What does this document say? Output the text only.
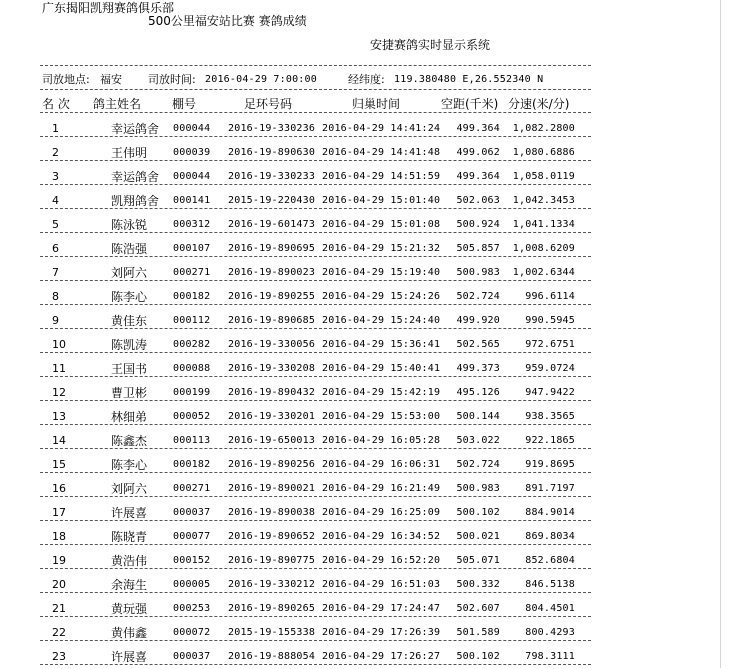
广东揭阳凯翔赛鸽俱乐部
500公里福安站比赛 赛鸽成绩
安捷赛鸽实时显示系统
司放地点: 福安 司放时间: 2016-04-29 7:00:00	经纬度: 119.380480 E,26.552340 N
名 次 鸽主姓名	棚号	足环号码	归巢时间	空距(千米) 分速(米/分)
1	幸运鸽舍 000044 2016-19-330236 2016-04-29 14:41:24	499.364	1,082.2800
2	王伟明	000039 2016-19-890630 2016-04-29 14:41:48	499.062	1,080.6886
3	幸运鸽舍 000044 2016-19-330233 2016-04-29 14:51:59	499.364	1,058.0119
4	凯翔鸽舍 000141 2015-19-220430 2016-04-29 15:01:40	502.063	1,042.3453
5	陈泳锐	000312 2016-19-601473 2016-04-29 15:01:08	500.924	1,041.1334
6	陈浩强	000107 2016-19-890695 2016-04-29 15:21:32	505.857	1,008.6209
7	刘阿六	000271 2016-19-890023 2016-04-29 15:19:40	500.983	1,002.6344
8	陈李心	000182 2016-19-890255 2016-04-29 15:24:26	502.724	996.6114
9	黄佳东	000112 2016-19-890685 2016-04-29 15:24:40	499.920	990.5945
10	陈凯涛	000282 2016-19-330056 2016-04-29 15:36:41	502.565	972.6751
11	王国书	000088 2016-19-330208 2016-04-29 15:40:41	499.373	959.0724
12	曹卫彬	000199 2016-19-890432 2016-04-29 15:42:19	495.126	947.9422
13	林细弟	000052 2016-19-330201 2016-04-29 15:53:00	500.144	938.3565
14	陈鑫杰	000113 2016-19-650013 2016-04-29 16:05:28	503.022	922.1865
15	陈李心	000182 2016-19-890256 2016-04-29 16:06:31	502.724	919.8695
16	刘阿六	000271 2016-19-890021 2016-04-29 16:21:49	500.983	891.7197
17	许展喜	000037 2016-19-890038 2016-04-29 16:25:09	500.102	884.9014
18	陈晓青	000077 2016-19-890652 2016-04-29 16:34:52	500.021	869.8034
19	黄浩伟	000152 2016-19-890775 2016-04-29 16:52:20	505.071	852.6804
20	余海生	000005 2016-19-330212 2016-04-29 16:51:03	500.332	846.5138
21	黄玩强	000253 2016-19-890265 2016-04-29 17:24:47	502.607	804.4501
22	黄伟鑫	000072 2015-19-155338 2016-04-29 17:26:39	501.589	800.4293
23	许展喜	000037 2016-19-888054 2016-04-29 17:26:27	500.102	798.3111
